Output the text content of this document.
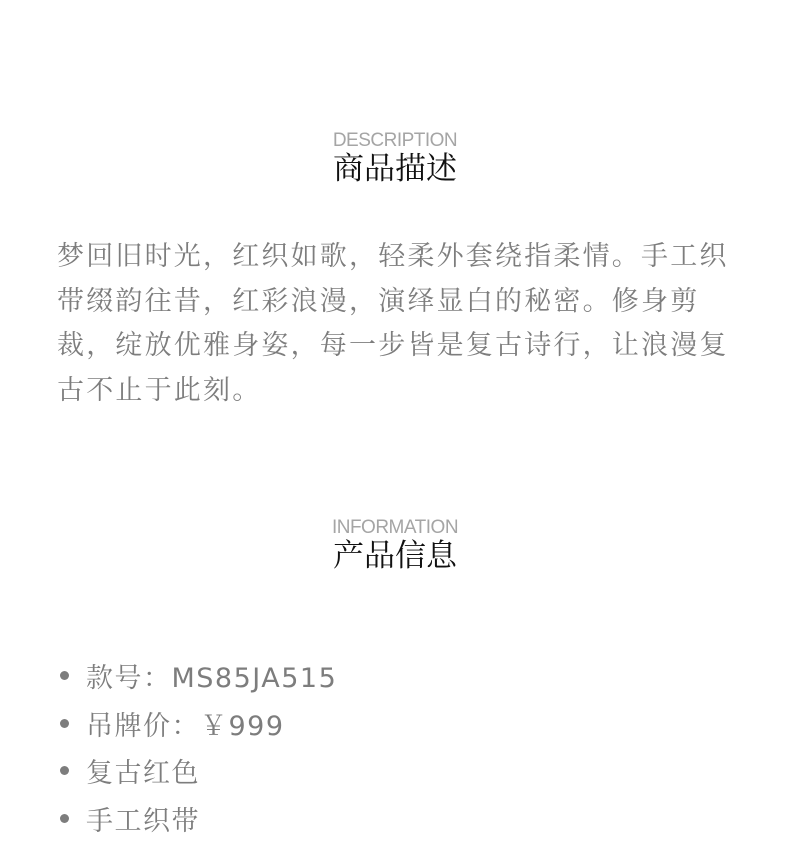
DESCRIPTION
商品描述

梦回旧时光，红织如歌，轻柔外套绕指柔情。手工织带缀韵往昔，红彩浪漫，演绎显白的秘密。修身剪裁，绽放优雅身姿，每一步皆是复古诗行，让浪漫复古不止于此刻。

INFORMATION
产品信息
款号：MS85JA515
吊牌价：￥999
复古红色
手工织带
